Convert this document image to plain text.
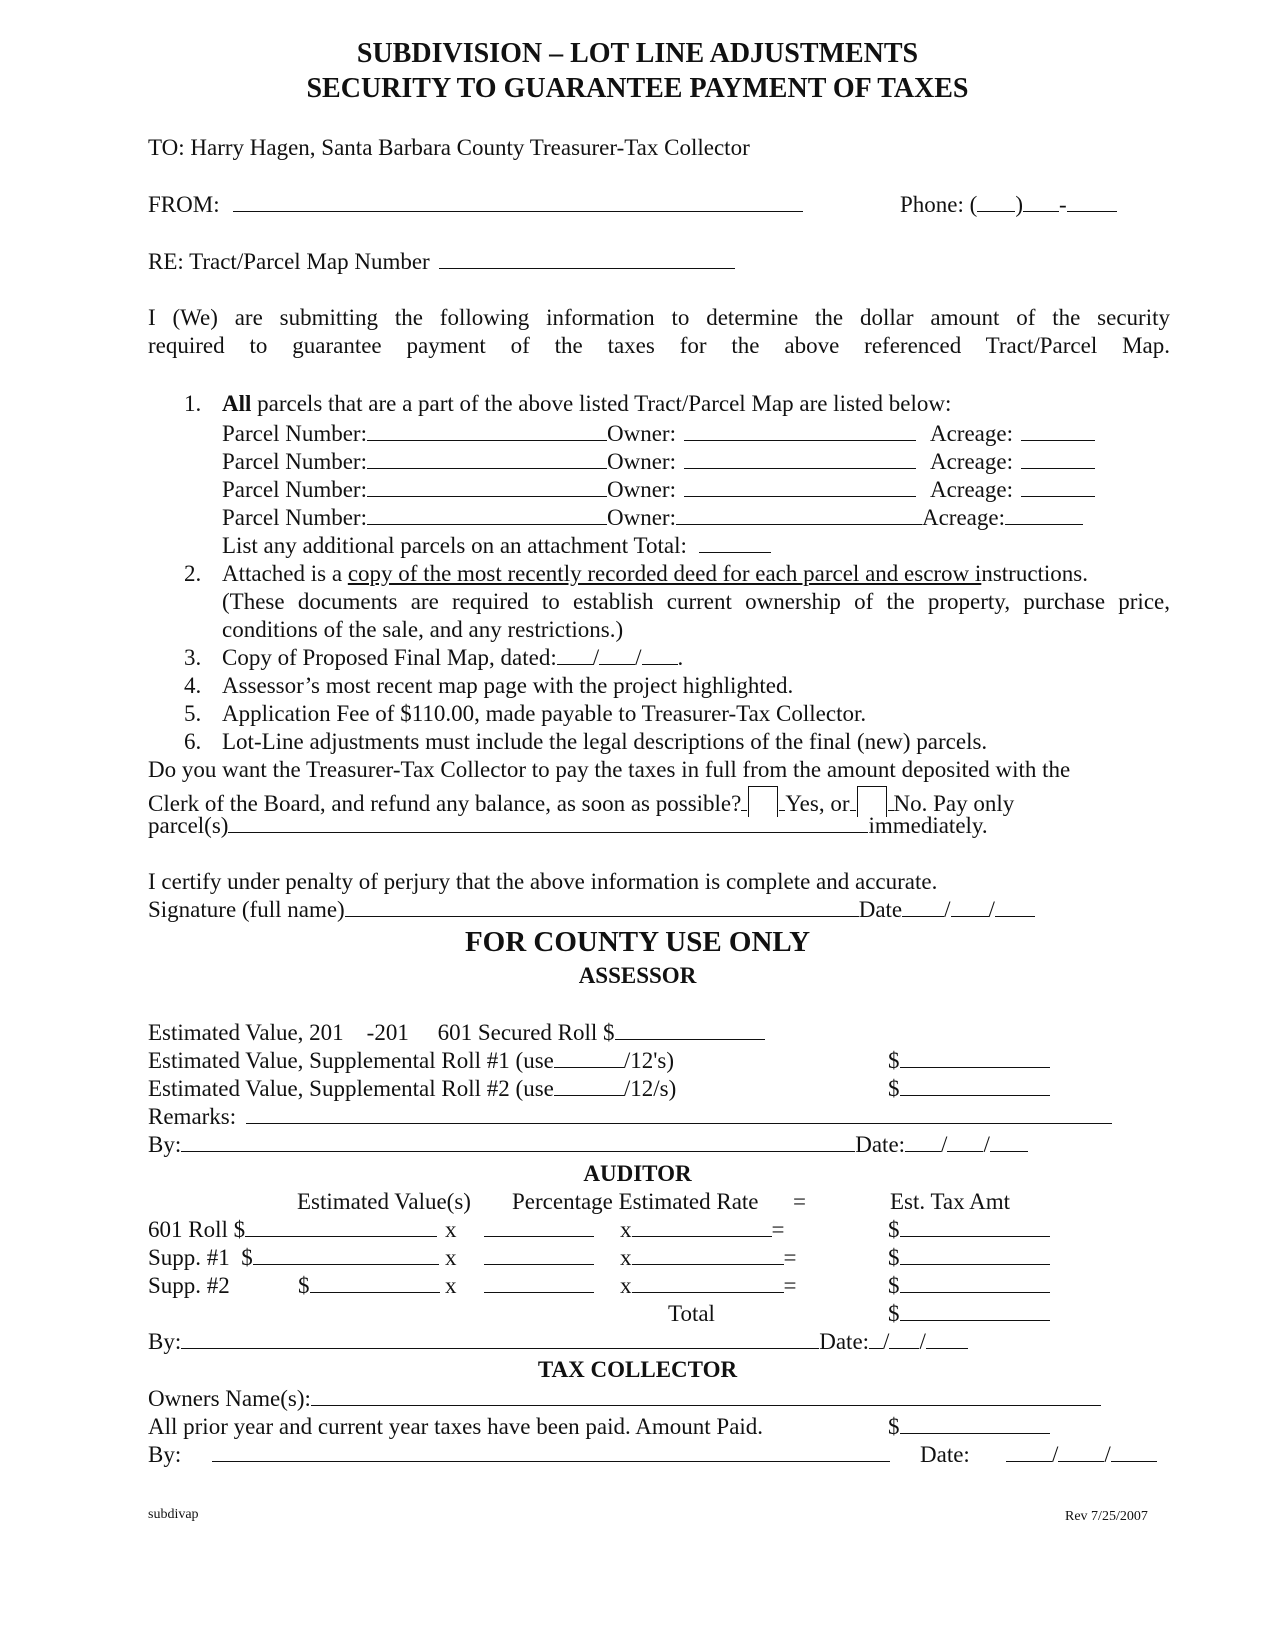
SUBDIVISION – LOT LINE ADJUSTMENTS
SECURITY TO GUARANTEE PAYMENT OF TAXES
TO: Harry Hagen, Santa Barbara County Treasurer-Tax Collector
FROM:	Phone: ( ) -
RE: Tract/Parcel Map Number
I (We) are submitting the following information to determine the dollar amount of the security
required to guarantee payment of the taxes for the above referenced Tract/Parcel Map.
1. All parcels that are a part of the above listed Tract/Parcel Map are listed below:
Parcel Number:	Owner:	Acreage:
Parcel Number:	Owner:	Acreage:
Parcel Number:	Owner:	Acreage:
Parcel Number:	Owner:	Acreage:
List any additional parcels on an attachment Total:
2. Attached is a copy of the most recently recorded deed for each parcel and escrow instructions.
(These documents are required to establish current ownership of the property, purchase price,
conditions of the sale, and any restrictions.)
3. Copy of Proposed Final Map, dated: / / .
4. Assessor’s most recent map page with the project highlighted.
5. Application Fee of $110.00, made payable to Treasurer-Tax Collector.
6. Lot-Line adjustments must include the legal descriptions of the final (new) parcels.
Do you want the Treasurer-Tax Collector to pay the taxes in full from the amount deposited with the
Clerk of the Board, and refund any balance, as soon as possible? Yes, or No. Pay only
parcel(s)	immediately.
I certify under penalty of perjury that the above information is complete and accurate.
Signature (full name)	Date / /
FOR COUNTY USE ONLY
ASSESSOR
Estimated Value, 201    -201     601 Secured Roll $
Estimated Value, Supplemental Roll #1 (use	/12's)	$
Estimated Value, Supplemental Roll #2 (use	/12/s)	$
Remarks:
By:	Date: / /
AUDITOR
Estimated Value(s) Percentage Estimated Rate =	Est. Tax Amt
601 Roll $	x	x	=	$
Supp. #1  $	x	x	=	$
Supp. #2	$	x	x	=	$
Total	$
By:	Date: / /
TAX COLLECTOR
Owners Name(s):
All prior year and current year taxes have been paid. Amount Paid.	$
By:	Date:	/ /
subdivap	Rev 7/25/2007
